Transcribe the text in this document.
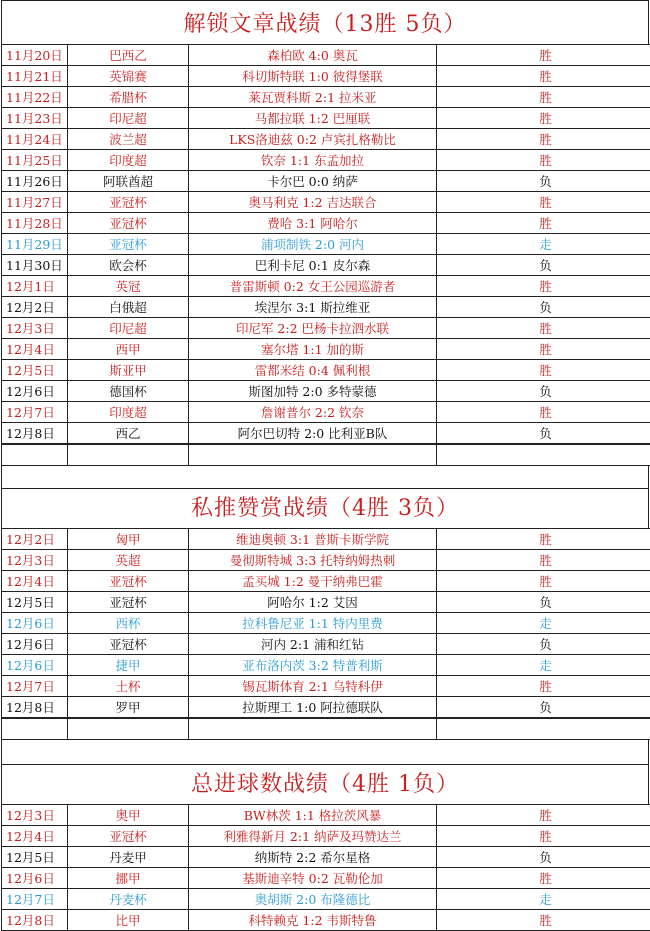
解锁文章战绩（13胜 5负）
11月20日	巴西乙	森柏欧 4:0 奥瓦	胜
11月21日	英锦赛	科切斯特联 1:0 彼得堡联	胜
11月22日	希腊杯	莱瓦贾科斯 2:1 拉米亚	胜
11月23日	印尼超	马都拉联 1:2 巴厘联	胜
11月24日	波兰超	LKS洛迪兹 0:2 卢宾扎格勒比	胜
11月25日	印度超	钦奈 1:1 东孟加拉	胜
11月26日	阿联酋超	卡尔巴 0:0 纳萨	负
11月27日	亚冠杯	奥马利克 1:2 吉达联合	胜
11月28日	亚冠杯	费哈 3:1 阿哈尔	胜
11月29日	亚冠杯	浦项制铁 2:0 河内	走
11月30日	欧会杯	巴利卡尼 0:1 皮尔森	负
12月1日	英冠	普雷斯顿 0:2 女王公园巡游者	胜
12月2日	白俄超	埃涅尔 3:1 斯拉维亚	负
12月3日	印尼超	印尼军 2:2 巴杨卡拉泗水联	胜
12月4日	西甲	塞尔塔 1:1 加的斯	胜
12月5日	斯亚甲	雷都米结 0:4 佩利根	胜
12月6日	德国杯	斯图加特 2:0 多特蒙德	负
12月7日	印度超	詹谢普尔 2:2 钦奈	胜
12月8日	西乙	阿尔巴切特 2:0 比利亚B队	负

私推赞赏战绩（4胜 3负）
12月2日	匈甲	维迪奥顿 3:1 普斯卡斯学院	胜
12月3日	英超	曼彻斯特城 3:3 托特纳姆热刺	胜
12月4日	亚冠杯	孟买城 1:2 曼干纳弗巴霍	胜
12月5日	亚冠杯	阿哈尔 1:2 艾因	负
12月6日	西杯	拉科鲁尼亚 1:1 特内里费	走
12月6日	亚冠杯	河内 2:1 浦和红钻	负
12月6日	捷甲	亚布洛内茨 3:2 特普利斯	走
12月7日	土杯	锡瓦斯体育 2:1 乌特科伊	胜
12月8日	罗甲	拉斯理工 1:0 阿拉德联队	负

总进球数战绩（4胜 1负）
12月3日	奥甲	BW林茨 1:1 格拉茨风暴	胜
12月4日	亚冠杯	利雅得新月 2:1 纳萨及玛赞达兰	胜
12月5日	丹麦甲	纳斯特 2:2 希尔星格	负
12月6日	挪甲	基斯迪辛特 0:2 瓦勒伦加	胜
12月7日	丹麦杯	奥胡斯 2:0 布隆德比	走
12月8日	比甲	科特赖克 1:2 韦斯特鲁	胜
